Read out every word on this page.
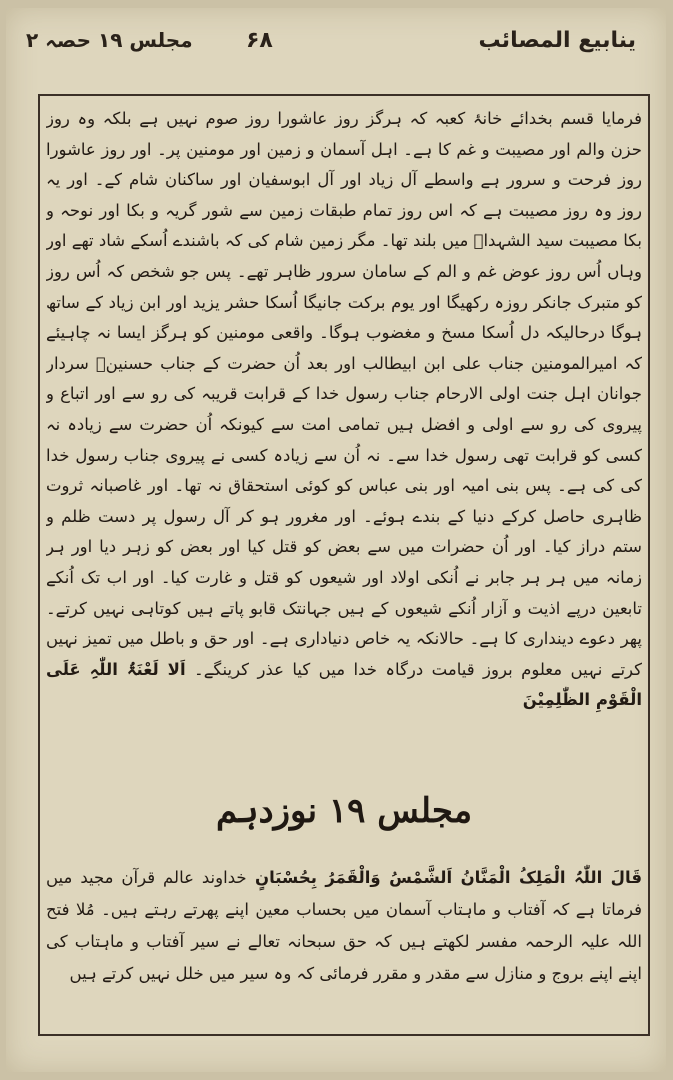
ینابیع المصائب
۶۸
مجلس ۱۹ حصہ ۲
فرمایا قسم بخدائے خانۂ کعبہ کہ ہرگز روز عاشورا روز صوم نہیں ہے بلکہ وہ روز حزن والم اور مصیبت و غم کا ہے۔ اہل آسمان و زمین اور مومنین پر۔ اور روز عاشورا روز فرحت و سرور ہے واسطے آل زیاد اور آل ابوسفیان اور ساکنان شام کے۔ اور یہ روز وہ روز مصیبت ہے کہ اس روز تمام طبقات زمین سے شور گریہ و بکا اور نوحہ و بکا مصیبت سید الشہداؑ میں بلند تھا۔ مگر زمین شام کی کہ باشندے اُسکے شاد تھے اور وہاں اُس روز عوض غم و الم کے سامان سرور ظاہر تھے۔ پس جو شخص کہ اُس روز کو متبرک جانکر روزہ رکھیگا اور یوم برکت جانیگا اُسکا حشر یزید اور ابن زیاد کے ساتھ ہوگا درحالیکہ دل اُسکا مسخ و مغضوب ہوگا۔ واقعی مومنین کو ہرگز ایسا نہ چاہیئے کہ امیرالمومنین جناب علی ابن ابیطالب اور بعد اُن حضرت کے جناب حسنینؑ سردار جوانان اہل جنت اولی الارحام جناب رسول خدا کے قرابت قریبہ کی رو سے اور اتباع و پیروی کی رو سے اولی و افضل ہیں تمامی امت سے کیونکہ اُن حضرت سے زیادہ نہ کسی کو قرابت تھی رسول خدا سے۔ نہ اُن سے زیادہ کسی نے پیروی جناب رسول خدا کی کی ہے۔ پس بنی امیہ اور بنی عباس کو کوئی استحقاق نہ تھا۔ اور غاصبانہ ثروت ظاہری حاصل کرکے دنیا کے بندے ہوئے۔ اور مغرور ہو کر آل رسول پر دست ظلم و ستم دراز کیا۔ اور اُن حضرات میں سے بعض کو قتل کیا اور بعض کو زہر دیا اور ہر زمانہ میں ہر ہر جابر نے اُنکی اولاد اور شیعوں کو قتل و غارت کیا۔ اور اب تک اُنکے تابعین درپے اذیت و آزار اُنکے شیعوں کے ہیں جہانتک قابو پاتے ہیں کوتاہی نہیں کرتے۔ پھر دعوے دینداری کا ہے۔ حالانکہ یہ خاص دنیاداری ہے۔ اور حق و باطل میں تمیز نہیں کرتے نہیں معلوم بروز قیامت درگاہ خدا میں کیا عذر کرینگے۔ اَلا لَعْنَۃُ اللّٰہِ عَلَی الْقَوْمِ الظّٰلِمِیْنَ
مجلس ۱۹ نوزدہم
قَالَ اللّٰہُ الْمَلِکُ الْمَنَّانُ اَلشَّمْسُ وَالْقَمَرُ بِحُسْبَانٍ خداوند عالم قرآن مجید میں فرماتا ہے کہ آفتاب و ماہتاب آسمان میں بحساب معین اپنے پھرتے رہتے ہیں۔ مُلا فتح اللہ علیہ الرحمہ مفسر لکھتے ہیں کہ حق سبحانہ تعالے نے سیر آفتاب و ماہتاب کی اپنے اپنے بروج و منازل سے مقدر و مقرر فرمائی کہ وہ سیر میں خلل نہیں کرتے ہیں
